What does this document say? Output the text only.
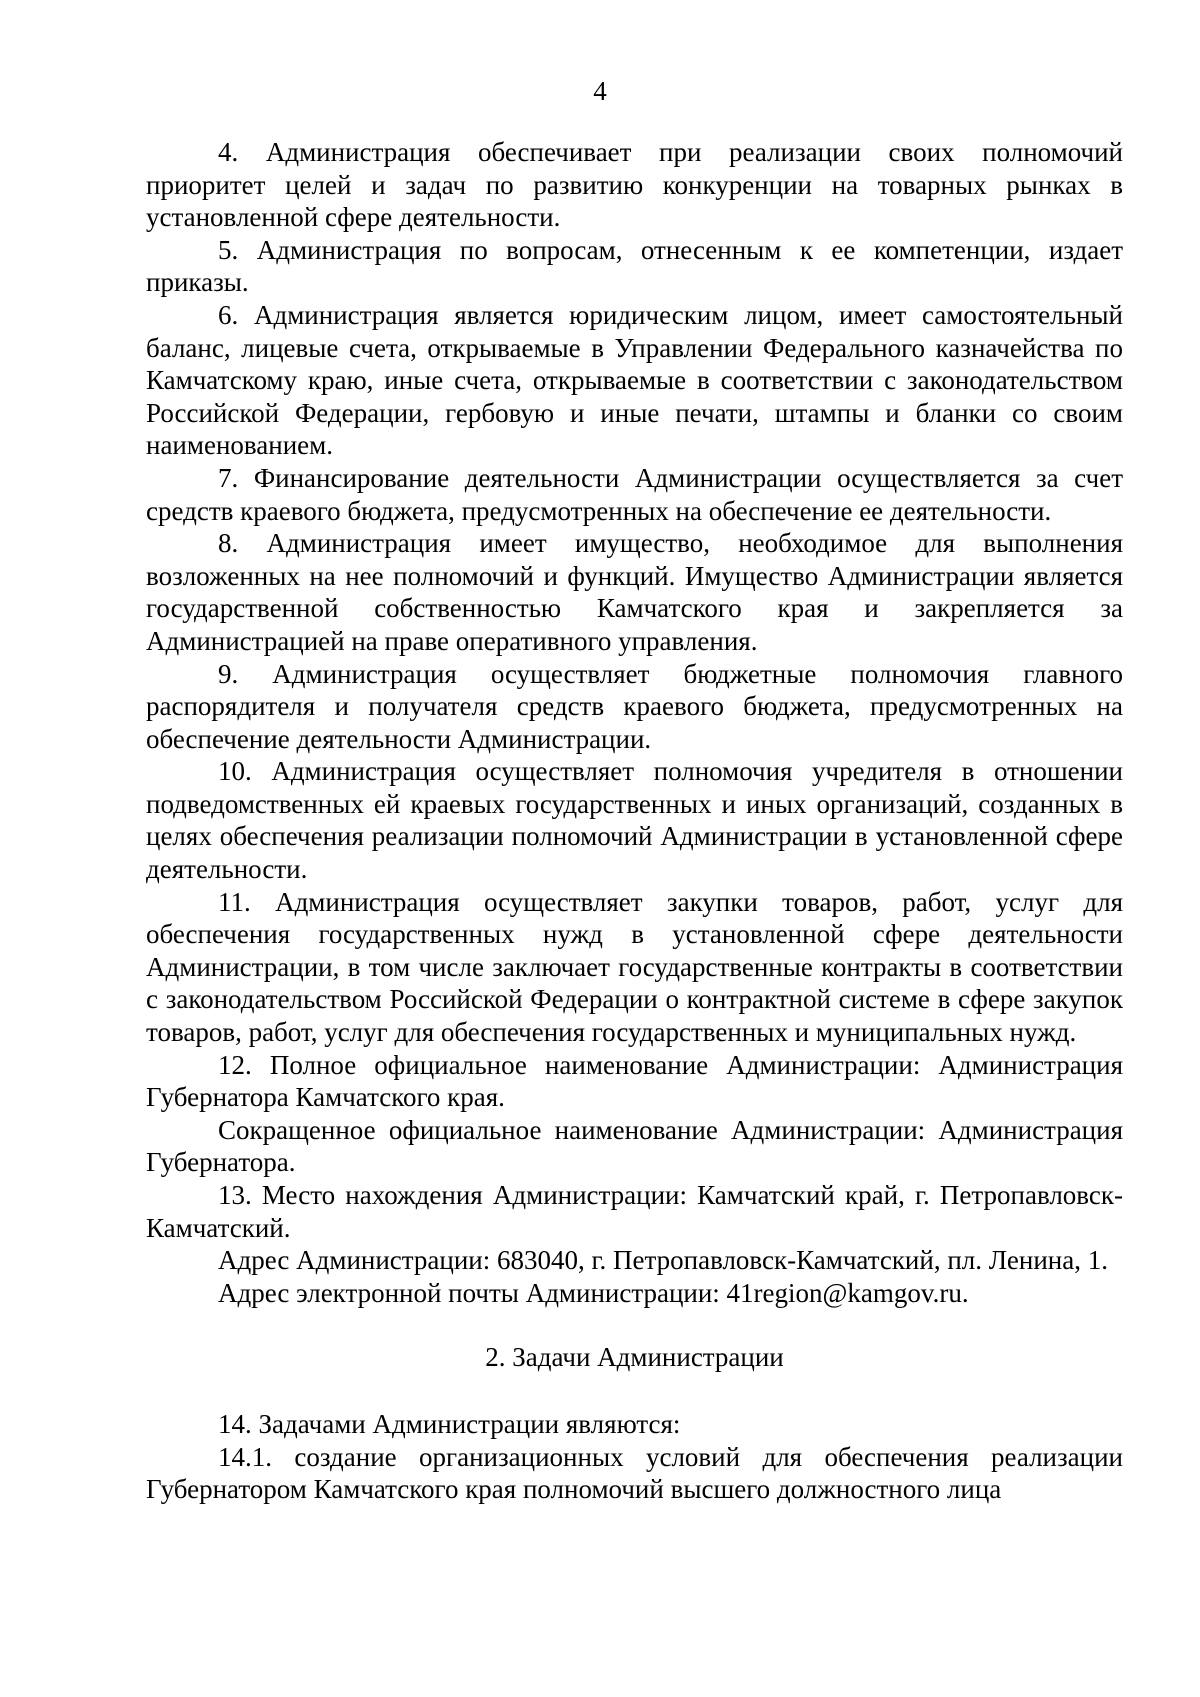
4

4. Администрация обеспечивает при реализации своих полномочий приоритет целей и задач по развитию конкуренции на товарных рынках в установленной сфере деятельности.

5. Администрация по вопросам, отнесенным к ее компетенции, издает приказы.

6. Администрация является юридическим лицом, имеет самостоятельный баланс, лицевые счета, открываемые в Управлении Федерального казначейства по Камчатскому краю, иные счета, открываемые в соответствии с законодательством Российской Федерации, гербовую и иные печати, штампы и бланки со своим наименованием.

7. Финансирование деятельности Администрации осуществляется за счет средств краевого бюджета, предусмотренных на обеспечение ее деятельности.

8. Администрация имеет имущество, необходимое для выполнения возложенных на нее полномочий и функций. Имущество Администрации является государственной собственностью Камчатского края и закрепляется за Администрацией на праве оперативного управления.

9. Администрация осуществляет бюджетные полномочия главного распорядителя и получателя средств краевого бюджета, предусмотренных на обеспечение деятельности Администрации.

10. Администрация осуществляет полномочия учредителя в отношении подведомственных ей краевых государственных и иных организаций, созданных в целях обеспечения реализации полномочий Администрации в установленной сфере деятельности.

11. Администрация осуществляет закупки товаров, работ, услуг для обеспечения государственных нужд в установленной сфере деятельности Администрации, в том числе заключает государственные контракты в соответствии с законодательством Российской Федерации о контрактной системе в сфере закупок товаров, работ, услуг для обеспечения государственных и муниципальных нужд.

12. Полное официальное наименование Администрации: Администрация Губернатора Камчатского края.

Сокращенное официальное наименование Администрации: Администрация Губернатора.

13. Место нахождения Администрации: Камчатский край, г. Петропавловск-Камчатский.

Адрес Администрации: 683040, г. Петропавловск-Камчатский, пл. Ленина, 1.

Адрес электронной почты Администрации: 41region@kamgov.ru.

2. Задачи Администрации

14. Задачами Администрации являются:

14.1. создание организационных условий для обеспечения реализации Губернатором Камчатского края полномочий высшего должностного лица
